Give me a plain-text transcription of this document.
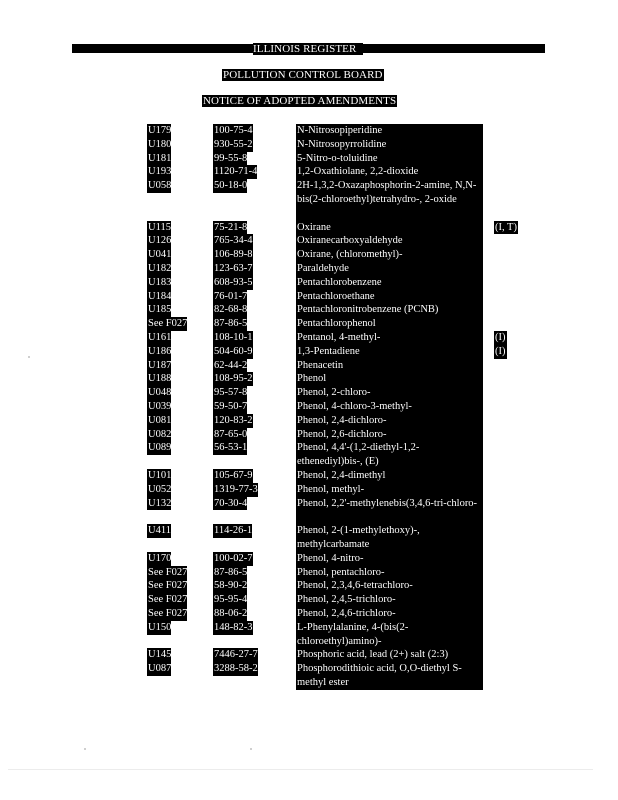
ILLINOIS REGISTER
POLLUTION CONTROL BOARD
NOTICE OF ADOPTED AMENDMENTS
U179	100-75-4	N-Nitrosopiperidine
U180	930-55-2	N-Nitrosopyrrolidine
U181	99-55-8	5-Nitro-o-toluidine
U193	1120-71-4	1,2-Oxathiolane, 2,2-dioxide
U058	50-18-0	2H-1,3,2-Oxazaphosphorin-2-amine, N,N-bis(2-chloroethyl)tetrahydro-, 2-oxide
U115	75-21-8	Oxirane	(I, T)
U126	765-34-4	Oxiranecarboxyaldehyde
U041	106-89-8	Oxirane, (chloromethyl)-
U182	123-63-7	Paraldehyde
U183	608-93-5	Pentachlorobenzene
U184	76-01-7	Pentachloroethane
U185	82-68-8	Pentachloronitrobenzene (PCNB)
See F027	87-86-5	Pentachlorophenol
U161	108-10-1	Pentanol, 4-methyl-	(I)
U186	504-60-9	1,3-Pentadiene	(I)
U187	62-44-2	Phenacetin
U188	108-95-2	Phenol
U048	95-57-8	Phenol, 2-chloro-
U039	59-50-7	Phenol, 4-chloro-3-methyl-
U081	120-83-2	Phenol, 2,4-dichloro-
U082	87-65-0	Phenol, 2,6-dichloro-
U089	56-53-1	Phenol, 4,4'-(1,2-diethyl-1,2-ethenediyl)bis-, (E)
U101	105-67-9	Phenol, 2,4-dimethyl
U052	1319-77-3	Phenol, methyl-
U132	70-30-4	Phenol, 2,2'-methylenebis(3,4,6-tri-chloro-
U411	114-26-1	Phenol, 2-(1-methylethoxy)-, methylcarbamate
U170	100-02-7	Phenol, 4-nitro-
See F027	87-86-5	Phenol, pentachloro-
See F027	58-90-2	Phenol, 2,3,4,6-tetrachloro-
See F027	95-95-4	Phenol, 2,4,5-trichloro-
See F027	88-06-2	Phenol, 2,4,6-trichloro-
U150	148-82-3	L-Phenylalanine, 4-(bis(2-chloroethyl)amino)-
U145	7446-27-7	Phosphoric acid, lead (2+) salt (2:3)
U087	3288-58-2	Phosphorodithioic acid, O,O-diethyl S-methyl ester
